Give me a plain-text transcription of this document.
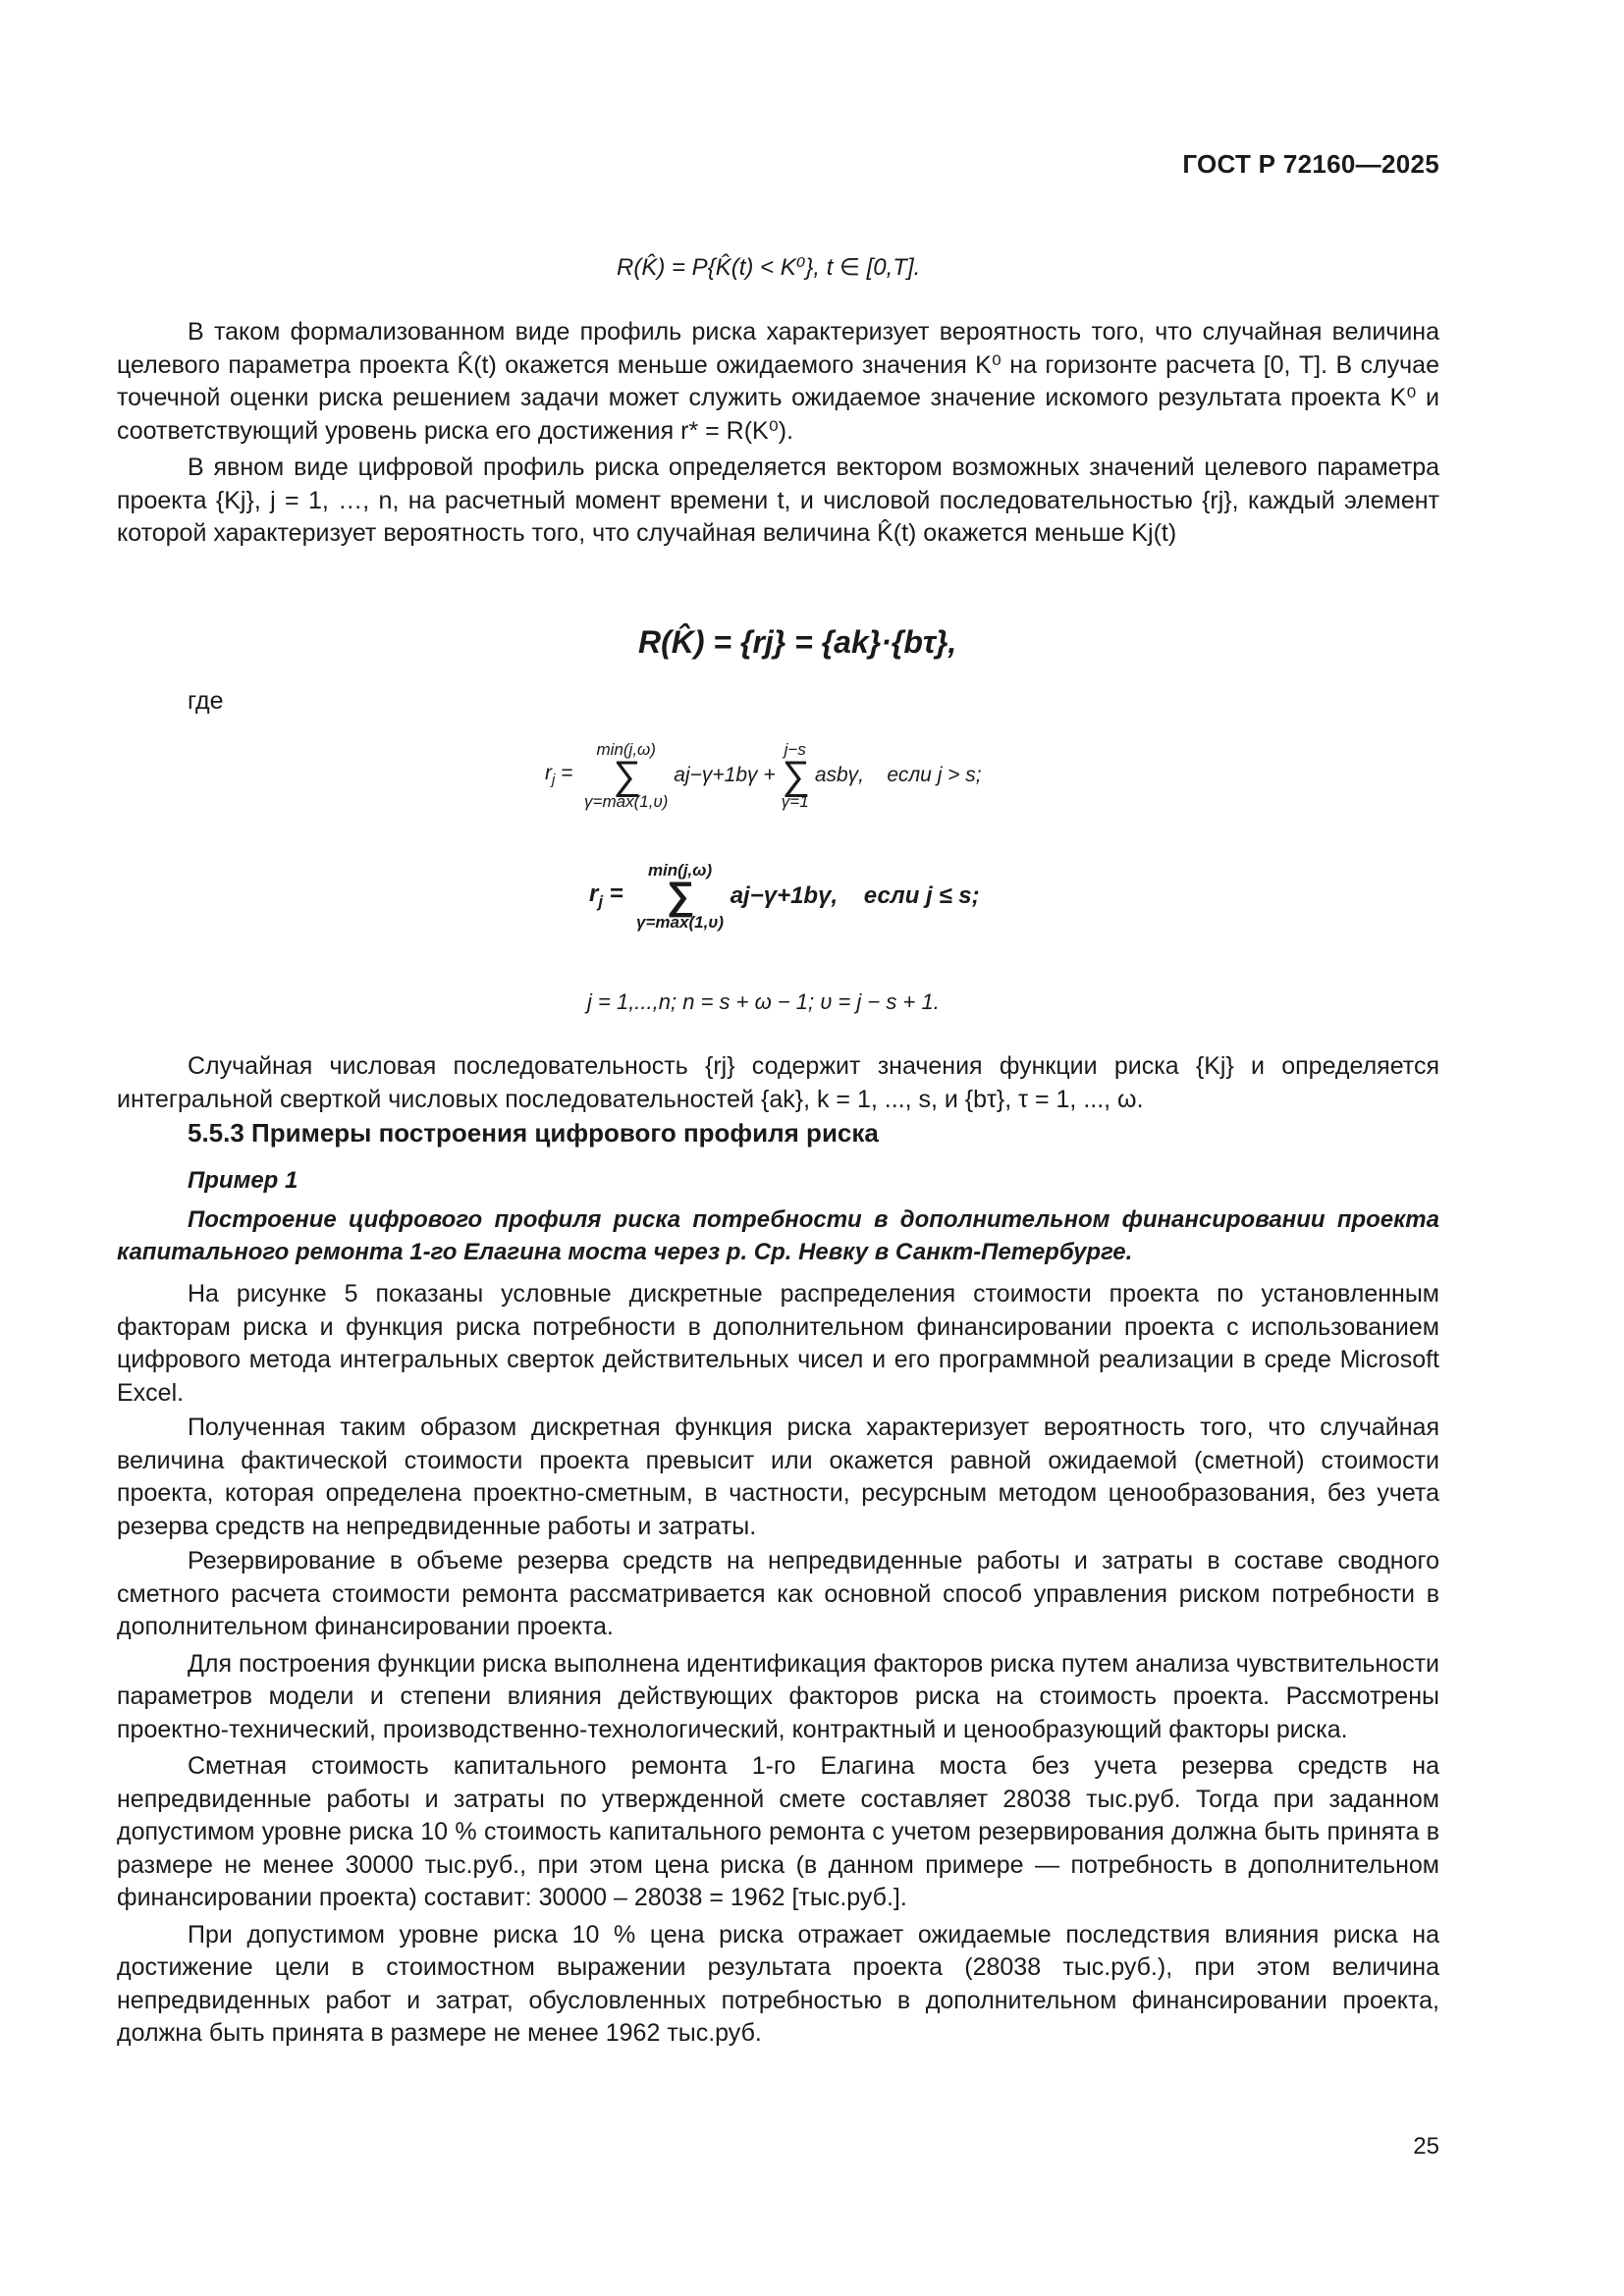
ГОСТ Р 72160—2025
R(K̂) = P{K̂(t) < K⁰}, t ∈ [0,T].

В таком формализованном виде профиль риска характеризует вероятность того, что случайная величина целевого параметра проекта K̂(t) окажется меньше ожидаемого значения K⁰ на горизонте расчета [0, T]. В случае точечной оценки риска решением задачи может служить ожидаемое значение искомого результата проекта K⁰ и соответствующий уровень риска его достижения r* = R(K⁰).

В явном виде цифровой профиль риска определяется вектором возможных значений целевого параметра проекта {Kj}, j = 1, …, n, на расчетный момент времени t, и числовой последовательностью {rj}, каждый элемент которой характеризует вероятность того, что случайная величина K̂(t) окажется меньше Kj(t)

R(K̂) = {rj} = {ak}·{bτ},

где

$r_j$ =
min(j,ω)
∑
γ=max(1,υ)
aj−γ+1bγ +
j−s
∑
γ=1
asbγ, если j > s;
$r_j$ =
min(j,ω)
∑
γ=max(1,υ)
aj−γ+1bγ, если j ≤ s;
j = 1,...,n; n = s + ω − 1; υ = j − s + 1.

Случайная числовая последовательность {rj} содержит значения функции риска {Kj} и определяется интегральной сверткой числовых последовательностей {ak}, k = 1, ..., s, и {bτ}, τ = 1, ..., ω.

5.5.3 Примеры построения цифрового профиля риска
Пример 1
Построение цифрового профиля риска потребности в дополнительном финансировании проекта капитального ремонта 1-го Елагина моста через р. Ср. Невку в Санкт-Петербурге.

На рисунке 5 показаны условные дискретные распределения стоимости проекта по установленным факторам риска и функция риска потребности в дополнительном финансировании проекта с использованием цифрового метода интегральных сверток действительных чисел и его программной реализации в среде Microsoft Excel.

Полученная таким образом дискретная функция риска характеризует вероятность того, что случайная величина фактической стоимости проекта превысит или окажется равной ожидаемой (сметной) стоимости проекта, которая определена проектно-сметным, в частности, ресурсным методом ценообразования, без учета резерва средств на непредвиденные работы и затраты.

Резервирование в объеме резерва средств на непредвиденные работы и затраты в составе сводного сметного расчета стоимости ремонта рассматривается как основной способ управления риском потребности в дополнительном финансировании проекта.

Для построения функции риска выполнена идентификация факторов риска путем анализа чувствительности параметров модели и степени влияния действующих факторов риска на стоимость проекта. Рассмотрены проектно-технический, производственно-технологический, контрактный и ценообразующий факторы риска.

Сметная стоимость капитального ремонта 1-го Елагина моста без учета резерва средств на непредвиденные работы и затраты по утвержденной смете составляет 28038 тыс.руб. Тогда при заданном допустимом уровне риска 10 % стоимость капитального ремонта с учетом резервирования должна быть принята в размере не менее 30000 тыс.руб., при этом цена риска (в данном примере — потребность в дополнительном финансировании проекта) составит: 30000 – 28038 = 1962 [тыс.руб.].

При допустимом уровне риска 10 % цена риска отражает ожидаемые последствия влияния риска на достижение цели в стоимостном выражении результата проекта (28038 тыс.руб.), при этом величина непредвиденных работ и затрат, обусловленных потребностью в дополнительном финансировании проекта, должна быть принята в размере не менее 1962 тыс.руб.

25
